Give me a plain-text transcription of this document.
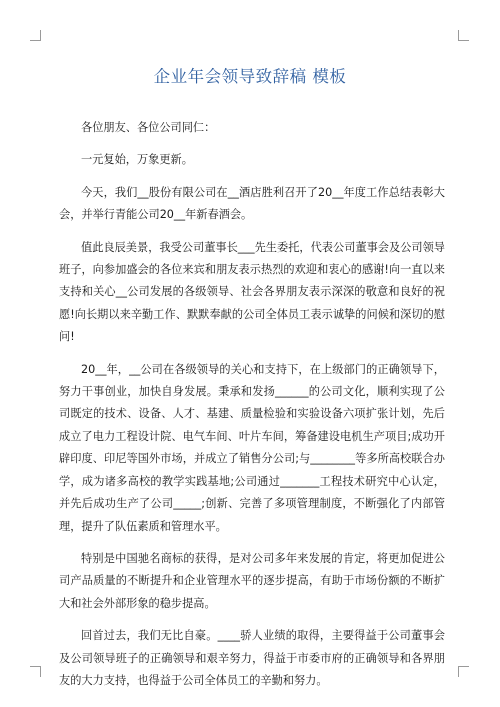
企业年会领导致辞稿 模板

各位朋友、各位公司同仁：

一元复始，万象更新。

今天，我们__股份有限公司在__酒店胜利召开了20__年度工作总结表彰大会，并举行青能公司20__年新春酒会。

值此良辰美景，我受公司董事长___先生委托，代表公司董事会及公司领导班子，向参加盛会的各位来宾和朋友表示热烈的欢迎和衷心的感谢!向一直以来支持和关心__公司发展的各级领导、社会各界朋友表示深深的敬意和良好的祝愿!向长期以来辛勤工作、默默奉献的公司全体员工表示诚挚的问候和深切的慰问!

20__年，__公司在各级领导的关心和支持下，在上级部门的正确领导下，努力干事创业，加快自身发展。秉承和发扬______的公司文化，顺利实现了公司既定的技术、设备、人才、基建、质量检验和实验设备六项扩张计划，先后成立了电力工程设计院、电气车间、叶片车间，筹备建设电机生产项目;成功开辟印度、印尼等国外市场，并成立了销售分公司;与________等多所高校联合办学，成为诸多高校的教学实践基地;公司通过_______工程技术研究中心认定，并先后成功生产了公司_____;创新、完善了多项管理制度，不断强化了内部管理，提升了队伍素质和管理水平。

特别是中国驰名商标的获得，是对公司多年来发展的肯定，将更加促进公司产品质量的不断提升和企业管理水平的逐步提高，有助于市场份额的不断扩大和社会外部形象的稳步提高。

回首过去，我们无比自豪。____骄人业绩的取得，主要得益于公司董事会及公司领导班子的正确领导和艰辛努力，得益于市委市府的正确领导和各界朋友的大力支持，也得益于公司全体员工的辛勤和努力。
